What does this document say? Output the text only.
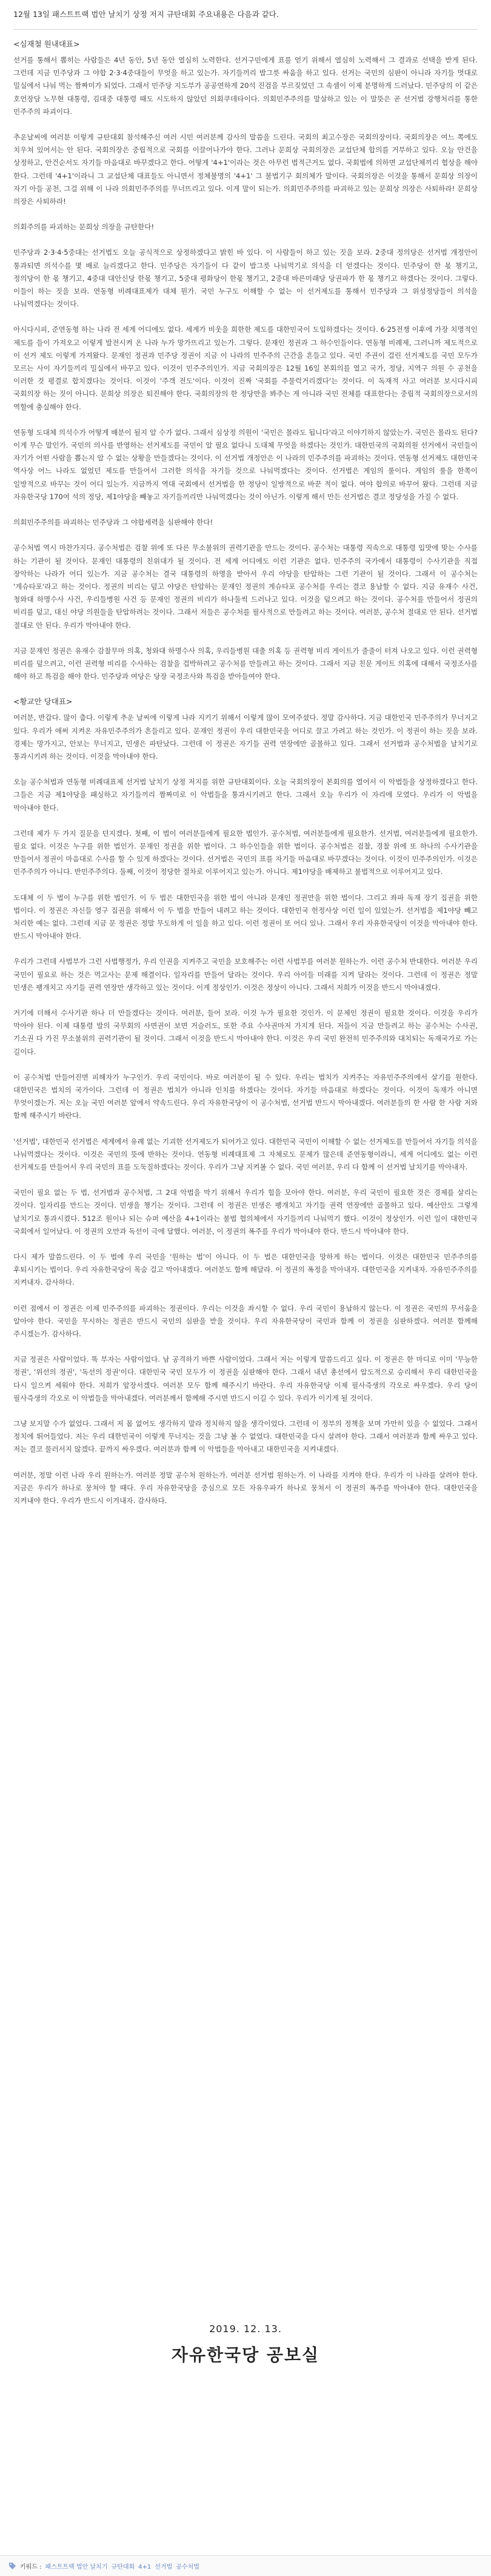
12월 13일 패스트트랙 법안 날치기 상정 저지 규탄대회 주요내용은 다음과 같다.

<심재철 원내대표>

선거를 통해서 뽑히는 사람들은 4년 동안, 5년 동안 열심히 노력한다. 선거구민에게 표를 얻기 위해서 열심히 노력해서 그 결과로 선택을 받게 된다. 그런데 지금 민주당과 그 야합 2·3·4중대들이 무엇을 하고 있는가. 자기들끼리 밥그릇 싸움을 하고 있다. 선거는 국민의 심판이 아니라 자기들 멋대로 밀실에서 나눠 먹는 짬짜미가 되었다. 그래서 민주당 지도부가 공공연하게 20석 진검을 부르짖었던 그 속셈이 이제 분명하게 드러났다. 민주당의 이 같은 호언장담 노무현 대통령, 김대중 대통령 때도 시도하지 않았던 의회쿠데타이다. 의회민주주의를 말살하고 있는 이 말뜻은 곧 선거법 강행처리를 통한 민주주의 파괴이다.

추운날씨에 여러분 이렇게 규탄대회 참석해주신 여러 시민 여러분께 감사의 말씀을 드린다. 국회의 최고수장은 국회의장이다. 국회의장은 여느 쪽에도 치우쳐 있어서는 안 된다. 국회의장은 중립적으로 국회를 이끌어나가야 한다. 그러나 문희상 국회의장은 교섭단체 합의를 거부하고 있다. 오늘 안건을 상정하고, 안건순서도 자기들 마음대로 바꾸겠다고 한다. 어떻게 '4+1'이라는 것은 아무런 법적근거도 없다. 국회법에 의하면 교섭단체끼리 협상을 해야 한다. 그런데 '4+1'이라니 그 교섭단체 대표들도 아니면서 정체불명의 '4+1' 그 불법기구 회의체가 말이다. 국회의장은 이것을 통해서 문희상 의장이 자기 아들 공천, 그걸 위해 이 나라 의회민주주의를 무너뜨리고 있다. 이게 말이 되는가. 의회민주주의를 파괴하고 있는 문희상 의장은 사퇴하라! 문희상 의장은 사퇴하라!

의회주의를 파괴하는 문희상 의장을 규탄한다!

민주당과 2·3·4·5중대는 선거법도 오늘 공식적으로 상정하겠다고 밝힌 바 있다. 이 사람들이 하고 있는 짓을 보라. 2중대 정의당은 선거법 개정안이 통과되면 의석수를 몇 배로 늘리겠다고 한다. 민주당은 자기들이 다 같이 밥그릇 나눠먹기로 의석을 더 얻겠다는 것이다. 민주당이 한 몫 챙기고, 정의당이 한 몫 챙기고, 4중대 대안신당 한몫 챙기고, 5중대 평화당이 한몫 챙기고, 2중대 바른미래당 당권파가 한 몫 챙기고 하겠다는 것이다. 그렇다. 이들이 하는 짓을 보라. 연동형 비례대표제가 대체 뭔가. 국민 누구도 이해할 수 없는 이 선거제도를 통해서 민주당과 그 위성정당들이 의석을 나눠먹겠다는 것이다.

아시다시피, 준연동형 하는 나라 전 세계 어디에도 없다. 세계가 비웃을 희한한 제도를 대한민국이 도입하겠다는 것이다. 6·25전쟁 이후에 가장 치명적인 제도를 들이 가져오고 이렇게 발전시켜 온 나라 누가 망가뜨리고 있는가. 그렇다. 문재인 정권과 그 하수인들이다. 연동형 비례제, 그러니까 제도적으로 이 선거 제도 이렇게 가져왔다. 문재인 정권과 민주당 정권이 지금 이 나라의 민주주의 근간을 흔들고 있다. 국민 주권이 걸린 선거제도를 국민 모두가 모르는 사이 자기들끼리 밀실에서 바꾸고 있다. 이것이 민주주의인가. 지금 국회의장은 12월 16일 본회의를 열고 국가, 정당, 지역구 의원 수 공천을 이러한 것 평결로 합치겠다는 것이다. 이것이 '주객 전도'이다. 이것이 진짜 '국회를 주물럭거리겠다'는 것이다. 이 독재적 사고 여러분 보시다시피 국회의장 하는 짓이 아니다. 문희상 의장은 퇴진해야 한다. 국회의장의 한 정당만을 봐주는 게 아니라 국민 전체를 대표한다는 중립적 국회의장으로서의 역할에 충실해야 한다.

연동형 도대체 의석수가 어떻게 배분이 될지 알 수가 없다. 그래서 심상정 의원이 '국민은 몰라도 됩니다'라고 이야기하지 않았는가. 국민은 몰라도 된다? 이게 무슨 말인가. 국민의 의사를 반영하는 선거제도를 국민이 알 필요 없다니 도대체 무엇을 하겠다는 것인가. 대한민국의 국회의원 선거에서 국민들이 자기가 어떤 사람을 뽑는지 알 수 없는 상황을 만들겠다는 것이다. 이 선거법 개정안은 이 나라의 민주주의를 파괴하는 것이다. 연동형 선거제도 대한민국 역사상 어느 나라도 없었던 제도를 만들어서 그러한 의석을 자기들 것으로 나눠먹겠다는 것이다. 선거법은 게임의 룰이다. 게임의 룰을 한쪽이 일방적으로 바꾸는 것이 어디 있는가. 지금까지 역대 국회에서 선거법을 한 정당이 일방적으로 바꾼 적이 없다. 여야 합의로 바꾸어 왔다. 그런데 지금 자유한국당 170여 석의 정당, 제1야당을 빼놓고 자기들끼리만 나눠먹겠다는 것이 아닌가. 이렇게 해서 만든 선거법은 결코 정당성을 가질 수 없다.

의회민주주의를 파괴하는 민주당과 그 야합세력을 심판해야 한다!

공수처법 역시 마찬가지다. 공수처법은 검찰 위에 또 다른 무소불위의 권력기관을 만드는 것이다. 공수처는 대통령 직속으로 대통령 입맛에 맞는 수사를 하는 기관이 될 것이다. 문재인 대통령의 친위대가 될 것이다. 전 세계 어디에도 이런 기관은 없다. 민주주의 국가에서 대통령이 수사기관을 직접 장악하는 나라가 어디 있는가. 지금 공수처는 결국 대통령의 하명을 받아서 우리 야당을 탄압하는 그런 기관이 될 것이다. 그래서 이 공수처는 '게슈타포'라고 하는 것이다. 정권의 비리는 덮고 야당은 탄압하는 문재인 정권의 게슈타포 공수처를 우리는 결코 용납할 수 없다. 지금 유재수 사건, 청와대 하명수사 사건, 우리들병원 사건 등 문재인 정권의 비리가 하나둘씩 드러나고 있다. 이것을 덮으려고 하는 것이다. 공수처를 만들어서 정권의 비리를 덮고, 대신 야당 의원들을 탄압하려는 것이다. 그래서 저들은 공수처를 필사적으로 만들려고 하는 것이다. 여러분, 공수처 절대로 안 된다. 선거법 절대로 안 된다. 우리가 막아내야 한다.

지금 문재인 정권은 유재수 감찰무마 의혹, 청와대 하명수사 의혹, 우리들병원 대출 의혹 등 권력형 비리 게이트가 줄줄이 터져 나오고 있다. 이런 권력형 비리를 덮으려고, 이런 권력형 비리를 수사하는 검찰을 겁박하려고 공수처를 만들려고 하는 것이다. 그래서 지금 친문 게이트 의혹에 대해서 국정조사를 해야 하고 특검을 해야 한다. 민주당과 여당은 당장 국정조사와 특검을 받아들여야 한다.

<황교안 당대표>

여러분, 반갑다. 많이 춥다. 이렇게 추운 날씨에 이렇게 나라 지키기 위해서 이렇게 많이 모여주셨다. 정말 감사하다. 지금 대한민국 민주주의가 무너지고 있다. 우리가 애써 지켜온 자유민주주의가 흔들리고 있다. 문재인 정권이 우리 대한민국을 어디로 끌고 가려고 하는 것인가. 이 정권이 하는 짓을 보라. 경제는 망가지고, 안보는 무너지고, 민생은 파탄났다. 그런데 이 정권은 자기들 권력 연장에만 골몰하고 있다. 그래서 선거법과 공수처법을 날치기로 통과시키려 하는 것이다. 이것을 막아내야 한다.

오늘 공수처법과 연동형 비례대표제 선거법 날치기 상정 저지를 위한 규탄대회이다. 오늘 국회의장이 본회의를 열어서 이 악법들을 상정하겠다고 한다. 그들은 지금 제1야당을 패싱하고 자기들끼리 짬짜미로 이 악법들을 통과시키려고 한다. 그래서 오늘 우리가 이 자리에 모였다. 우리가 이 악법을 막아내야 한다.

그런데 제가 두 가지 질문을 던지겠다. 첫째, 이 법이 여러분들에게 필요한 법인가. 공수처법, 여러분들에게 필요한가. 선거법, 여러분들에게 필요한가. 필요 없다. 이것은 누구를 위한 법인가. 문재인 정권을 위한 법이다. 그 하수인들을 위한 법이다. 공수처법은 검찰, 경찰 위에 또 하나의 수사기관을 만들어서 정권이 마음대로 수사를 할 수 있게 하겠다는 것이다. 선거법은 국민의 표를 자기들 마음대로 바꾸겠다는 것이다. 이것이 민주주의인가. 이것은 민주주의가 아니다. 반민주주의다. 둘째, 이것이 정당한 절차로 이루어지고 있는가. 아니다. 제1야당을 배제하고 불법적으로 이루어지고 있다.

도대체 이 두 법이 누구를 위한 법인가. 이 두 법은 대한민국을 위한 법이 아니라 문재인 정권만을 위한 법이다. 그리고 좌파 독재 장기 집권을 위한 법이다. 이 정권은 자신들 영구 집권을 위해서 이 두 법을 만들어 내려고 하는 것이다. 대한민국 헌정사상 이런 일이 있었는가. 선거법을 제1야당 빼고 처리한 예는 없다. 그런데 지금 문 정권은 정말 무도하게 이 일을 하고 있다. 이런 정권이 또 어디 있나. 그래서 우리 자유한국당이 이것을 막아내야 한다. 반드시 막아내야 한다.

우리가 그런데 사법부가 그런 사법행정가, 우리 인권을 지켜주고 국민을 보호해주는 이런 사법부를 여러분 원하는가. 이런 공수처 반대한다. 여러분 우리 국민이 필요로 하는 것은 먹고사는 문제 해결이다. 일자리를 만들어 달라는 것이다. 우리 아이들 미래를 지켜 달라는 것이다. 그런데 이 정권은 정말 민생은 팽개치고 자기들 권력 연장만 생각하고 있는 것이다. 이게 정상인가. 이것은 정상이 아니다. 그래서 저희가 이것을 반드시 막아내겠다.

거기에 더해서 수사기관 하나 더 만들겠다는 것이다. 여러분, 들어 보라. 이것 누가 필요한 것인가. 이 문제인 정권이 필요한 것이다. 이것을 우리가 막아야 된다. 이제 대통령 발의 국무회의 사면권이 보면 거슬러도, 또한 주요 수사권마저 가지게 된다. 저들이 지금 만들려고 하는 공수처는 수사권, 기소권 다 가진 무소불위의 권력기관이 될 것이다. 그래서 이것을 반드시 막아내야 한다. 이것은 우리 국민 완전히 민주주의와 대치되는 독재국가로 가는 길이다.

이 공수처법 만들어진면 피해자가 누구인가. 우리 국민이다. 바로 여러분이 될 수 있다. 우리는 법치가 지켜주는 자유민주주의에서 살기를 원한다. 대한민국은 법치의 국가이다. 그런데 이 정권은 법치가 아니라 인치를 하겠다는 것이다. 자기들 마음대로 하겠다는 것이다. 이것이 독재가 아니면 무엇이겠는가. 저는 오늘 국민 여러분 앞에서 약속드린다. 우리 자유한국당이 이 공수처법, 선거법 반드시 막아내겠다. 여러분들의 한 사람 한 사람 저와 함께 해주시기 바란다.

'선거법', 대한민국 선거법은 세계에서 유례 없는 기괴한 선거제도가 되어가고 있다. 대한민국 국민이 이해할 수 없는 선거제도를 만들어서 자기들 의석을 나눠먹겠다는 것이다. 이것은 국민의 뜻에 반하는 것이다. 연동형 비례대표제 그 자체로도 문제가 많은데 준연동형이라니, 세계 어디에도 없는 이런 선거제도를 만들어서 우리 국민의 표를 도둑질하겠다는 것이다. 우리가 그냥 지켜볼 수 없다. 국민 여러분, 우리 다 함께 이 선거법 날치기를 막아내자.

국민이 필요 없는 두 법, 선거법과 공수처법, 그 2대 악법을 막기 위해서 우리가 힘을 모아야 한다. 여러분, 우리 국민이 필요한 것은 경제를 살리는 것이다. 일자리를 만드는 것이다. 민생을 챙기는 것이다. 그런데 이 정권은 민생은 팽개치고 자기들 권력 연장에만 골몰하고 있다. 예산안도 그렇게 날치기로 통과시켰다. 512조 원이나 되는 슈퍼 예산을 4+1이라는 불법 협의체에서 자기들끼리 나눠먹기 했다. 이것이 정상인가. 이런 일이 대한민국 국회에서 일어났다. 이 정권의 오만과 독선이 극에 달했다. 여러분, 이 정권의 폭주를 우리가 막아내야 한다. 반드시 막아내야 한다.

다시 제가 말씀드린다. 이 두 법에 우리 국민을 '원하는 법'이 아니다. 이 두 법은 대한민국을 망하게 하는 법이다. 이것은 대한민국 민주주의를 후퇴시키는 법이다. 우리 자유한국당이 목숨 걸고 막아내겠다. 여러분도 함께 해달라. 이 정권의 폭정을 막아내자. 대한민국을 지켜내자. 자유민주주의를 지켜내자. 감사하다.

이런 점에서 이 정권은 이제 민주주의를 파괴하는 정권이다. 우리는 이것을 좌시할 수 없다. 우리 국민이 용납하지 않는다. 이 정권은 국민의 무서움을 알아야 한다. 국민을 무시하는 정권은 반드시 국민의 심판을 받을 것이다. 우리 자유한국당이 국민과 함께 이 정권을 심판하겠다. 여러분 함께해 주시겠는가. 감사하다.

지금 정권은 사람이었다. 똑 부자는 사람이었다. 남 공격하기 바쁜 사람이었다. 그래서 저는 이렇게 말씀드리고 싶다. 이 정권은 한 마디로 이미 '무능한 정권', '위선의 정권', '독선의 정권'이다. 대한민국 국민 모두가 이 정권을 심판해야 한다. 그래서 내년 총선에서 압도적으로 승리해서 우리 대한민국을 다시 일으켜 세워야 한다. 저희가 앞장서겠다. 여러분 모두 함께 해주시기 바란다. 우리 자유한국당 이제 필사즉생의 각오로 싸우겠다. 우리 당이 필사즉생의 각오로 이 악법들을 막아내겠다. 여러분께서 함께해 주시면 반드시 이길 수 있다. 우리가 이기게 될 것이다.

그냥 보지말 수가 없었다. 그래서 저 몸 없어도 생각하지 말라 정치하지 않을 생각이었다. 그런데 이 정부의 정책을 보며 가만히 있을 수 없었다. 그래서 정치에 뛰어들었다. 저는 우리 대한민국이 이렇게 무너지는 것을 그냥 볼 수 없었다. 대한민국을 다시 살려야 한다. 그래서 여러분과 함께 싸우고 있다. 저는 결코 물러서지 않겠다. 끝까지 싸우겠다. 여러분과 함께 이 악법들을 막아내고 대한민국을 지켜내겠다.

여러분, 정말 이런 나라 우리 원하는가. 여러분 정말 공수처 원하는가. 여러분 선거법 원하는가. 이 나라를 지켜야 한다. 우리가 이 나라를 살려야 한다. 지금은 우리가 하나로 뭉쳐야 할 때다. 우리 자유한국당을 중심으로 모든 자유우파가 하나로 뭉쳐서 이 정권의 폭주를 막아내야 한다. 대한민국을 지켜내야 한다. 우리가 반드시 이겨내자. 감사하다.

2019. 12. 13.
자유한국당 공보실
키워드 : 패스트트랙 법안 날치기 규탄대회 4+1 선거법 공수처법
